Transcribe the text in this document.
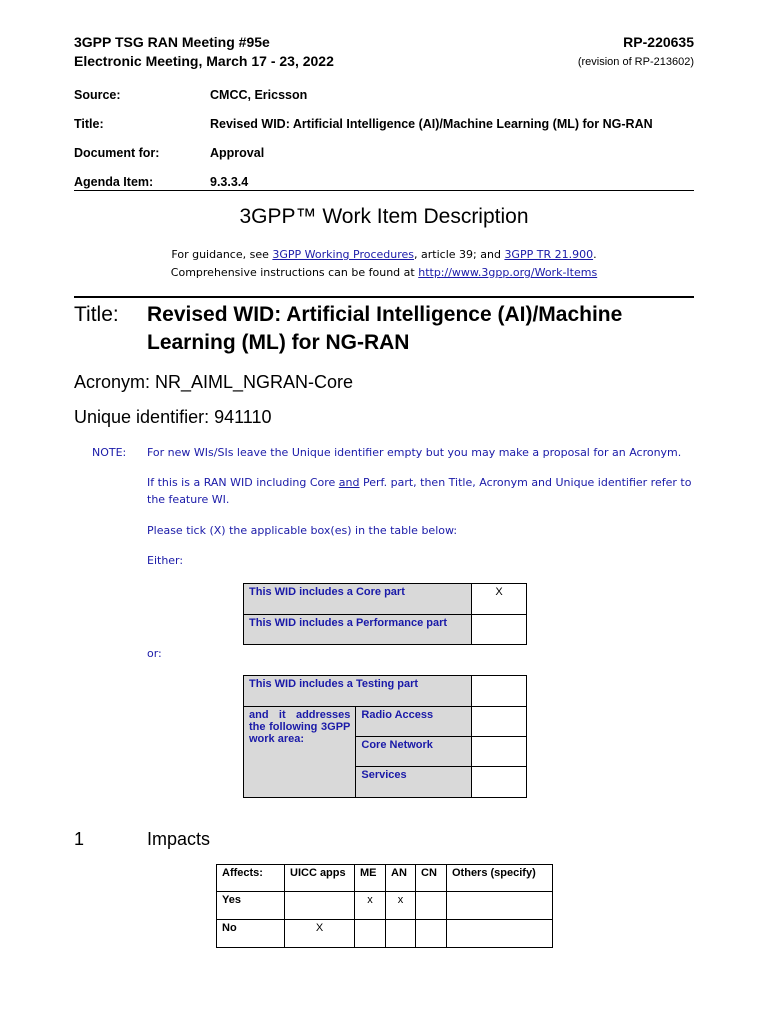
3GPP TSG RAN Meeting #95e
Electronic Meeting, March 17 - 23, 2022
RP-220635
(revision of RP-213602)
Source:	CMCC, Ericsson
Title:	Revised WID: Artificial Intelligence (AI)/Machine Learning (ML) for NG-RAN
Document for:	Approval
Agenda Item:	9.3.3.4
3GPP™ Work Item Description
For guidance, see 3GPP Working Procedures, article 39; and 3GPP TR 21.900.
Comprehensive instructions can be found at http://www.3gpp.org/Work-Items
Title: Revised WID: Artificial Intelligence (AI)/Machine
Learning (ML) for NG-RAN
Acronym: NR_AIML_NGRAN-Core
Unique identifier: 941110
NOTE: For new WIs/SIs leave the Unique identifier empty but you may make a proposal for an Acronym.
If this is a RAN WID including Core and Perf. part, then Title, Acronym and Unique identifier refer to
the feature WI.
Please tick (X) the applicable box(es) in the table below:
Either:
This WID includes a Core part	X
This WID includes a Performance part	
or:
This WID includes a Testing part		
and it addresses the following 3GPP work area:	Radio Access	
	Core Network	
	Services	
1	Impacts
Affects:	UICC apps	ME	AN	CN	Others (specify)
Yes		x	x		
No	X				
